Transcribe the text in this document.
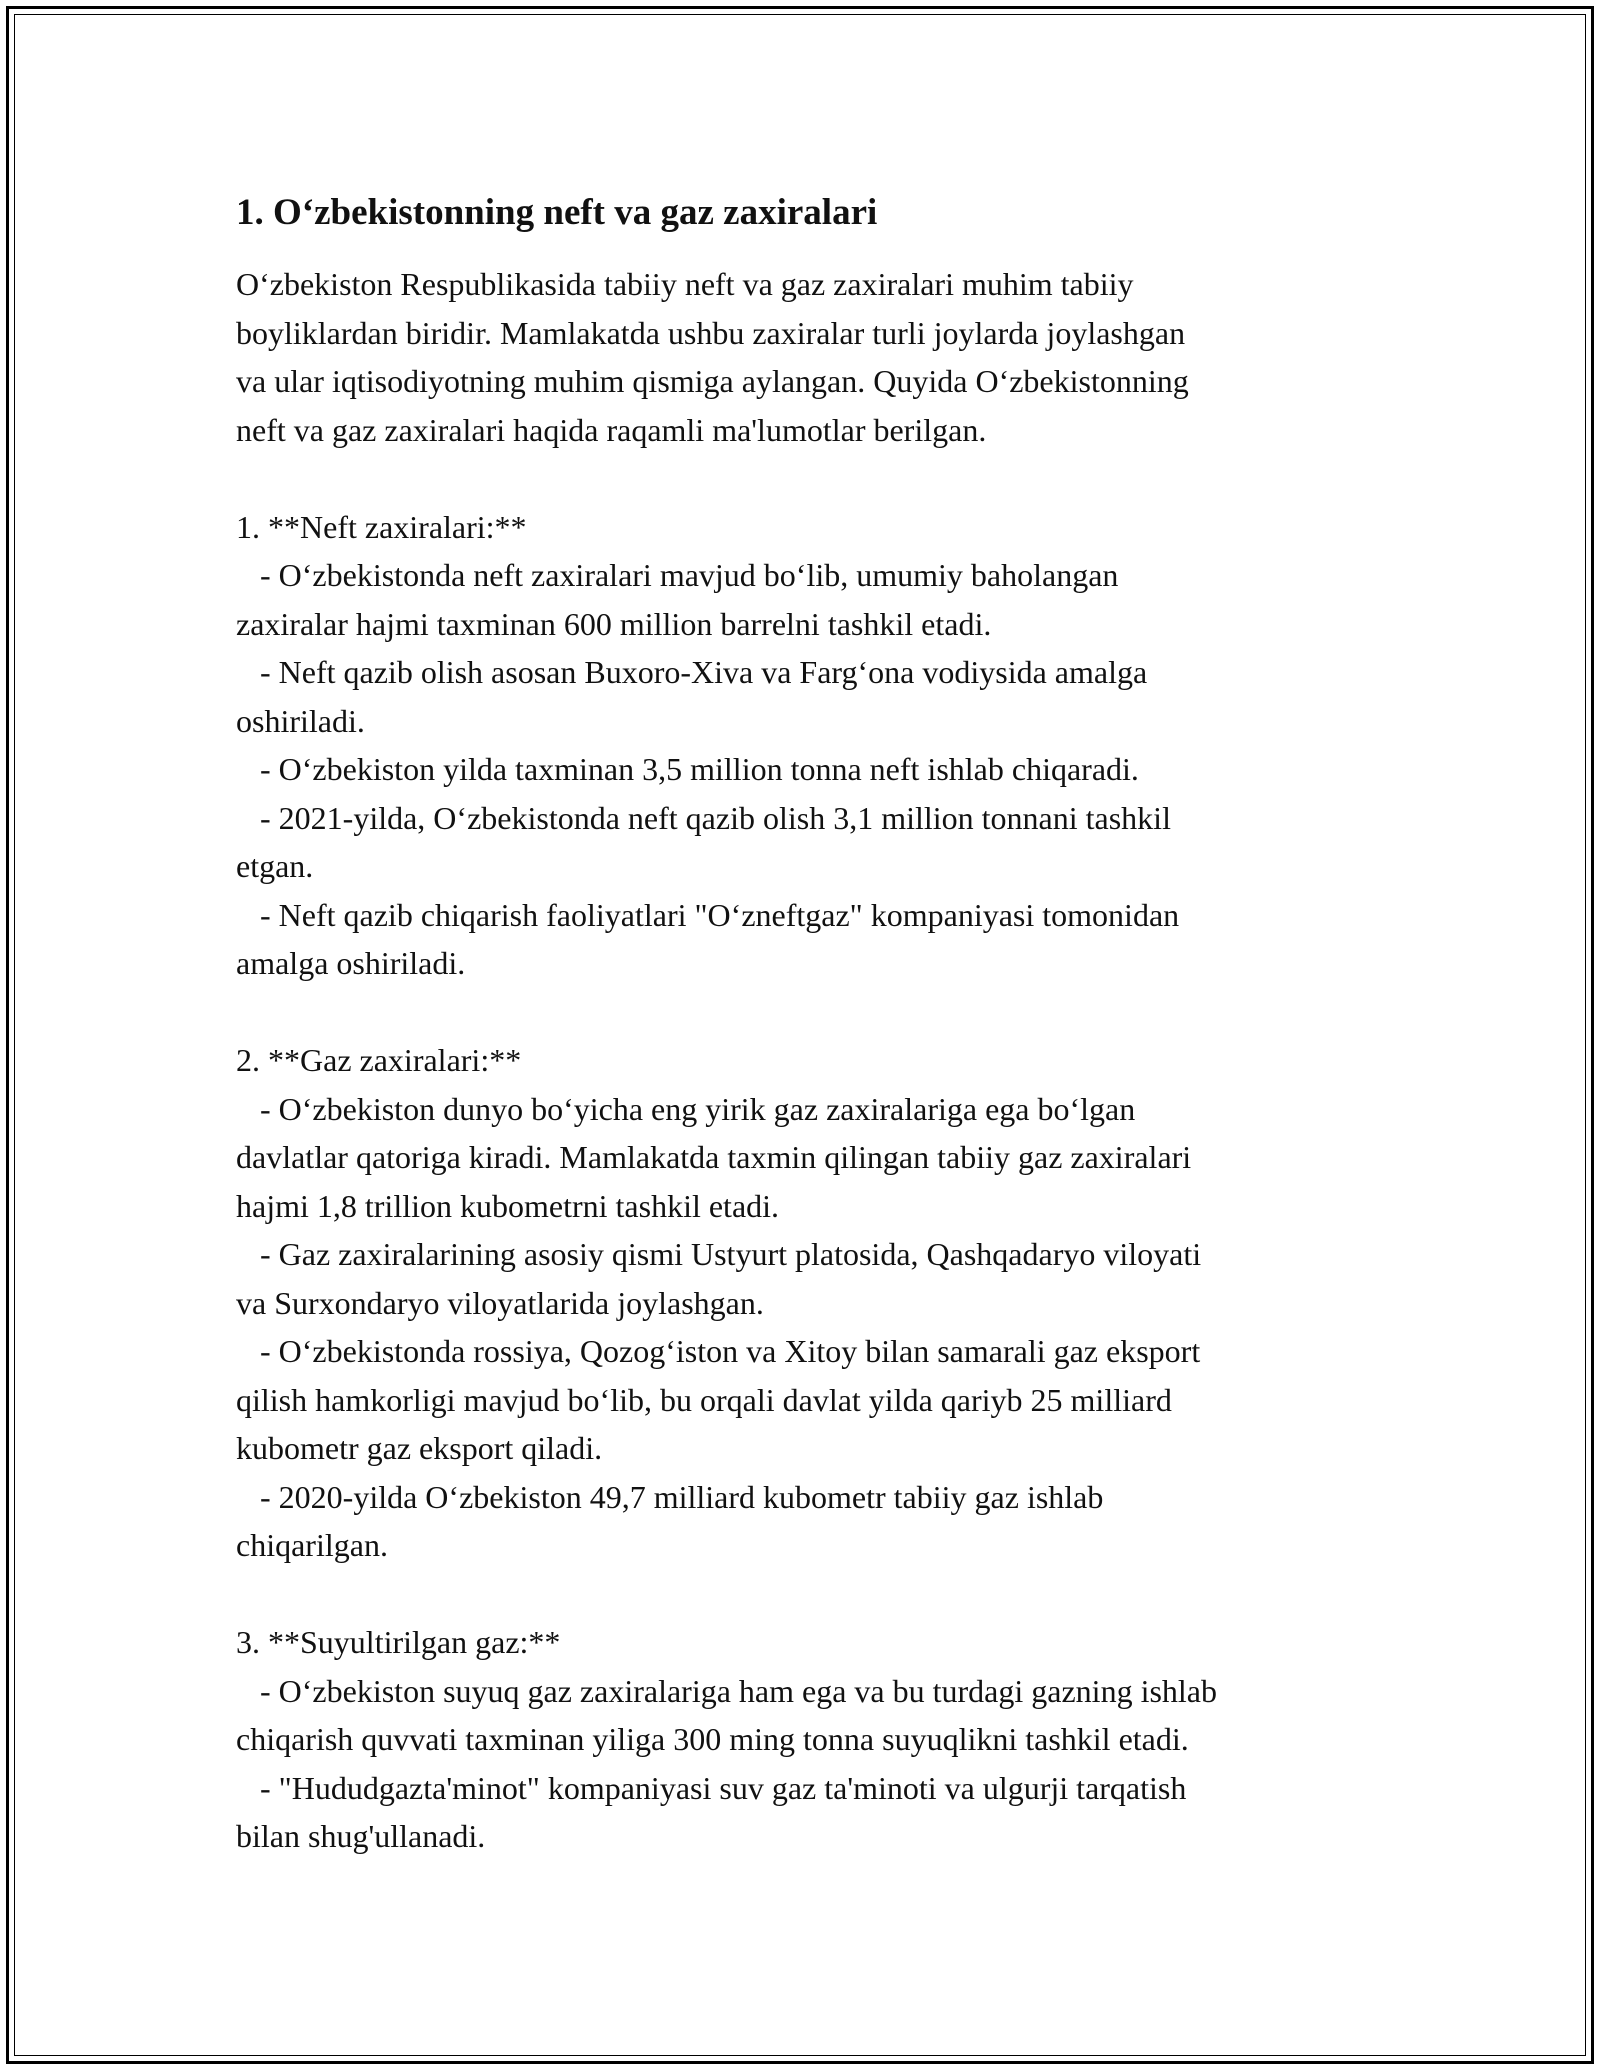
1. O‘zbekistonning neft va gaz zaxiralari

O‘zbekiston Respublikasida tabiiy neft va gaz zaxiralari muhim tabiiy
boyliklardan biridir. Mamlakatda ushbu zaxiralar turli joylarda joylashgan
va ular iqtisodiyotning muhim qismiga aylangan. Quyida O‘zbekistonning
neft va gaz zaxiralari haqida raqamli ma'lumotlar berilgan.

1. **Neft zaxiralari:**
- O‘zbekistonda neft zaxiralari mavjud bo‘lib, umumiy baholangan
zaxiralar hajmi taxminan 600 million barrelni tashkil etadi.
- Neft qazib olish asosan Buxoro-Xiva va Farg‘ona vodiysida amalga
oshiriladi.
- O‘zbekiston yilda taxminan 3,5 million tonna neft ishlab chiqaradi.
- 2021-yilda, O‘zbekistonda neft qazib olish 3,1 million tonnani tashkil
etgan.
- Neft qazib chiqarish faoliyatlari "O‘zneftgaz" kompaniyasi tomonidan
amalga oshiriladi.

2. **Gaz zaxiralari:**
- O‘zbekiston dunyo bo‘yicha eng yirik gaz zaxiralariga ega bo‘lgan
davlatlar qatoriga kiradi. Mamlakatda taxmin qilingan tabiiy gaz zaxiralari
hajmi 1,8 trillion kubometrni tashkil etadi.
- Gaz zaxiralarining asosiy qismi Ustyurt platosida, Qashqadaryo viloyati
va Surxondaryo viloyatlarida joylashgan.
- O‘zbekistonda rossiya, Qozog‘iston va Xitoy bilan samarali gaz eksport
qilish hamkorligi mavjud bo‘lib, bu orqali davlat yilda qariyb 25 milliard
kubometr gaz eksport qiladi.
- 2020-yilda O‘zbekiston 49,7 milliard kubometr tabiiy gaz ishlab
chiqarilgan.

3. **Suyultirilgan gaz:**
- O‘zbekiston suyuq gaz zaxiralariga ham ega va bu turdagi gazning ishlab
chiqarish quvvati taxminan yiliga 300 ming tonna suyuqlikni tashkil etadi.
- "Hududgazta'minot" kompaniyasi suv gaz ta'minoti va ulgurji tarqatish
bilan shug'ullanadi.
